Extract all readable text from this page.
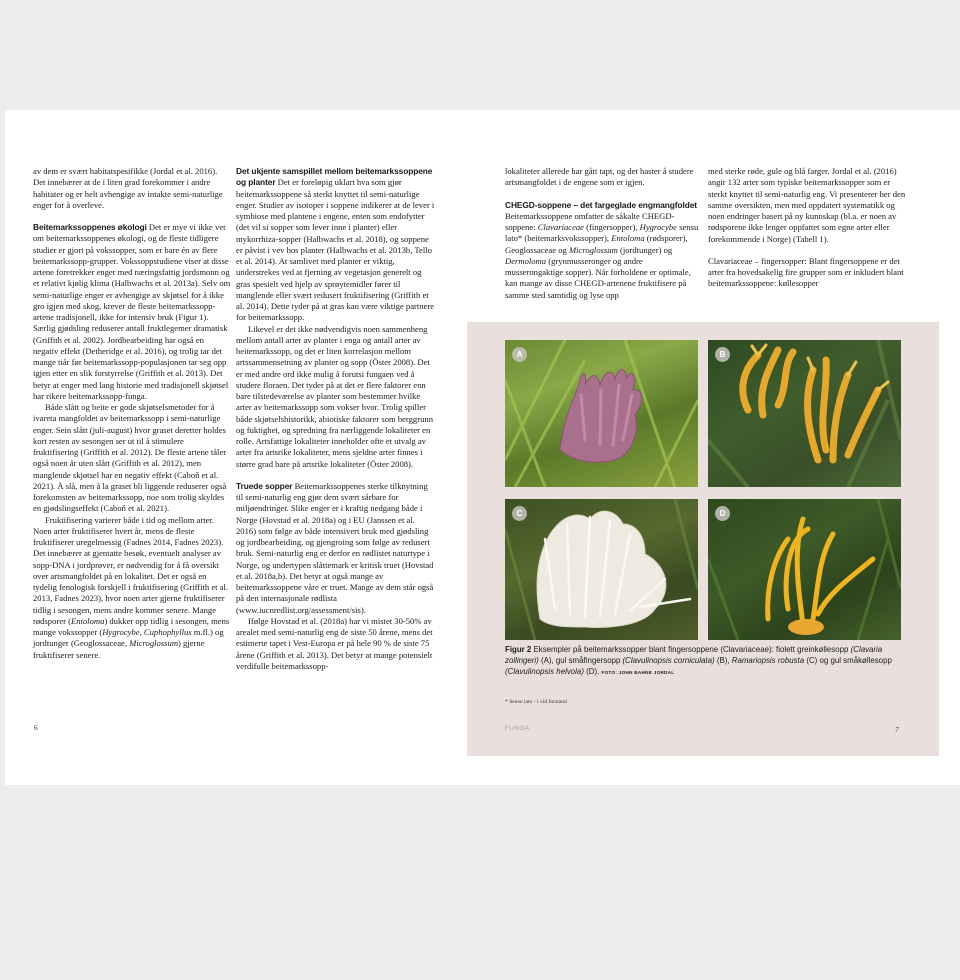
av dem er svært habitatspesifikke (Jordal et al. 2016). Det innebærer at de i liten grad forekommer i andre habitater og er helt avhengige av intakte semi-naturlige enger for å overleve.

Beitemarkssoppenes økologi Det er mye vi ikke vet om beitemarkssoppenes økologi, og de fleste tidligere studier er gjort på vokssopper, som er bare én av flere beitemarkssopp-grupper. Vokssoppstudiene viser at disse artene foretrekker enger med næringsfattig jordsmonn og et relativt kjølig klima (Halbwachs et al. 2013a). Selv om semi-naturlige enger er avhengige av skjøtsel for å ikke gro igjen med skog, krever de fleste beitemarkssopp-artene tradisjonell, ikke for intensiv bruk (Figur 1). Særlig gjødsling reduserer antall fruktlegemer dramatisk (Griffith et al. 2002). Jordbearbeiding har også en negativ effekt (Detheridge et al. 2016), og trolig tar det mange tiår før beitemarkssopp-populasjonen tar seg opp igjen etter en slik forstyrrelse (Griffith et al. 2013). Det betyr at enger med lang historie med tradisjonell skjøtsel har rikere beitemarkssopp-funga.

Både slått og beite er gode skjøtselsmetoder for å ivareta mangfoldet av beitemarkssopp i semi-naturlige enger. Sein slått (juli-august) hvor graset deretter holdes kort resten av sesongen ser ut til å stimulere fruktifisering (Griffith et al. 2012). De fleste artene tåler også noen år uten slått (Griffith et al. 2012), men manglende skjøtsel har en negativ effekt (Caboň et al. 2021). Å slå, men å la graset bli liggende reduserer også forekomsten av beitemarkssopp, noe som trolig skyldes en gjødslingseffekt (Caboň et al. 2021).

Fruktifisering varierer både i tid og mellom arter. Noen arter fruktifiserer hvert år, mens de fleste fruktifiserer uregelmessig (Fadnes 2014, Fadnes 2023). Det innebærer at gjentatte besøk, eventuelt analyser av sopp-DNA i jordprøver, er nødvendig for å få oversikt over artsmangfoldet på en lokalitet. Det er også en tydelig fenologisk forskjell i fruktifisering (Griffith et al. 2013, Fadnes 2023), hvor noen arter gjerne fruktifiserer tidlig i sesongen, mens andre kommer senere. Mange rødsporer (Entoloma) dukker opp tidlig i sesongen, mens mange vokssopper (Hygrocybe, Cuphophyllus m.fl.) og jordtunger (Geoglossaceae, Microglossum) gjerne fruktifiserer senere.

Det ukjente samspillet mellom beitemarkssoppene og planter Det er foreløpig uklart hva som gjør beitemarkssoppene så sterkt knyttet til semi-naturlige enger. Studier av isotoper i soppene indikerer at de lever i symbiose med plantene i engene, enten som endofytter (det vil si sopper som lever inne i planter) eller mykorrhiza-sopper (Halbwachs et al. 2018), og soppene er påvist i vev hos planter (Halbwachs et al. 2013b, Tello et al. 2014). At samlivet med planter er viktig, understrekes ved at fjerning av vegetasjon generelt og gras spesielt ved hjelp av sprøytemidler fører til manglende eller svært redusert fruktifisering (Griffith et al. 2014). Dette tyder på at gras kan være viktige partnere for beitemarkssopp.

Likevel er det ikke nødvendigvis noen sammenheng mellom antall arter av planter i enga og antall arter av beitemarkssopp, og det er liten korrelasjon mellom artssammensetning av planter og sopp (Öster 2008). Det er med andre ord ikke mulig å forutsi fungaen ved å studere floraen. Det tyder på at det er flere faktorer enn bare tilstedeværelse av planter som bestemmer hvilke arter av beitemarkssopp som vokser hvor. Trolig spiller både skjøtselshistorikk, abiotiske faktorer som berggrunn og fuktighet, og spredning fra nærliggende lokaliteter en rolle. Artsfattige lokaliteter inneholder ofte et utvalg av arter fra artsrike lokaliteter, mens sjeldne arter finnes i større grad bare på artsrike lokaliteter (Öster 2008).

Truede sopper Beitemarkssoppenes sterke tilknytning til semi-naturlig eng gjør dem svært sårbare for miljøendringer. Slike enger er i kraftig nedgang både i Norge (Hovstad et al. 2018a) og i EU (Janssen et al. 2016) som følge av både intensivert bruk med gjødsling og jordbearbeiding, og gjengroing som følge av redusert bruk. Semi-naturlig eng er derfor en rødlistet naturtype i Norge, og undertypen slåttemark er kritisk truet (Hovstad et al. 2018a,b). Det betyr at også mange av beitemarkssoppene våre er truet. Mange av dem står også på den internasjonale rødlista (www.iucnredlist.org/assessment/sis).

Ifølge Hovstad et al. (2018a) har vi mistet 30-50% av arealet med semi-naturlig eng de siste 50 årene, mens det estimerte tapet i Vest-Europa er på hele 90 % de siste 75 årene (Griffith et al. 2013). Det betyr at mange potensielt verdifulle beitemarkssopp-

6

lokaliteter allerede har gått tapt, og det haster å studere artsmangfoldet i de engene som er igjen.

CHEGD-soppene – det fargeglade engmangfoldet Beitemarkssoppene omfatter de såkalte CHEGD-soppene: Clavariaceae (fingersopper), Hygrocybe sensu lato* (beitemarksvokssopper), Entoloma (rødsporer), Geoglossaceae og Microglossum (jordtunger) og Dermoloma (grynmusseronger og andre musserongaktige sopper). Når forholdene er optimale, kan mange av disse CHEGD-artenene fruktifisere på samme sted samtidig og lyse opp

med sterke røde, gule og blå farger. Jordal et al. (2016) angir 132 arter som typiske beitemarkssopper som er sterkt knyttet til semi-naturlig eng. Vi presenterer her den samme oversikten, men med oppdatert systematikk og noen endringer basert på ny kunnskap (bl.a. er noen av rødsporene ikke lenger oppfattet som egne arter eller forekommende i Norge) (Tabell 1).

Clavariaceae – fingersopper: Blant fingersoppene er det arter fra hovedsakelig fire grupper som er inkludert blant beitemarkssoppene: køllesopper

A	B
C	D
Figur 2 Eksempler på beitemarkssopper blant fingersoppene (Clavariaceae): fiolett greinkøllesopp (Clavaria zollingeri) (A), gul småfingersopp (Clavulinopsis corniculata) (B), Ramariopsis robusta (C) og gul småkøllesopp (Clavulinopsis helvola) (D). FOTO: JOHN BAHNE JORDAL
* Sensu lato - i vid forstand
FUNGA	7
